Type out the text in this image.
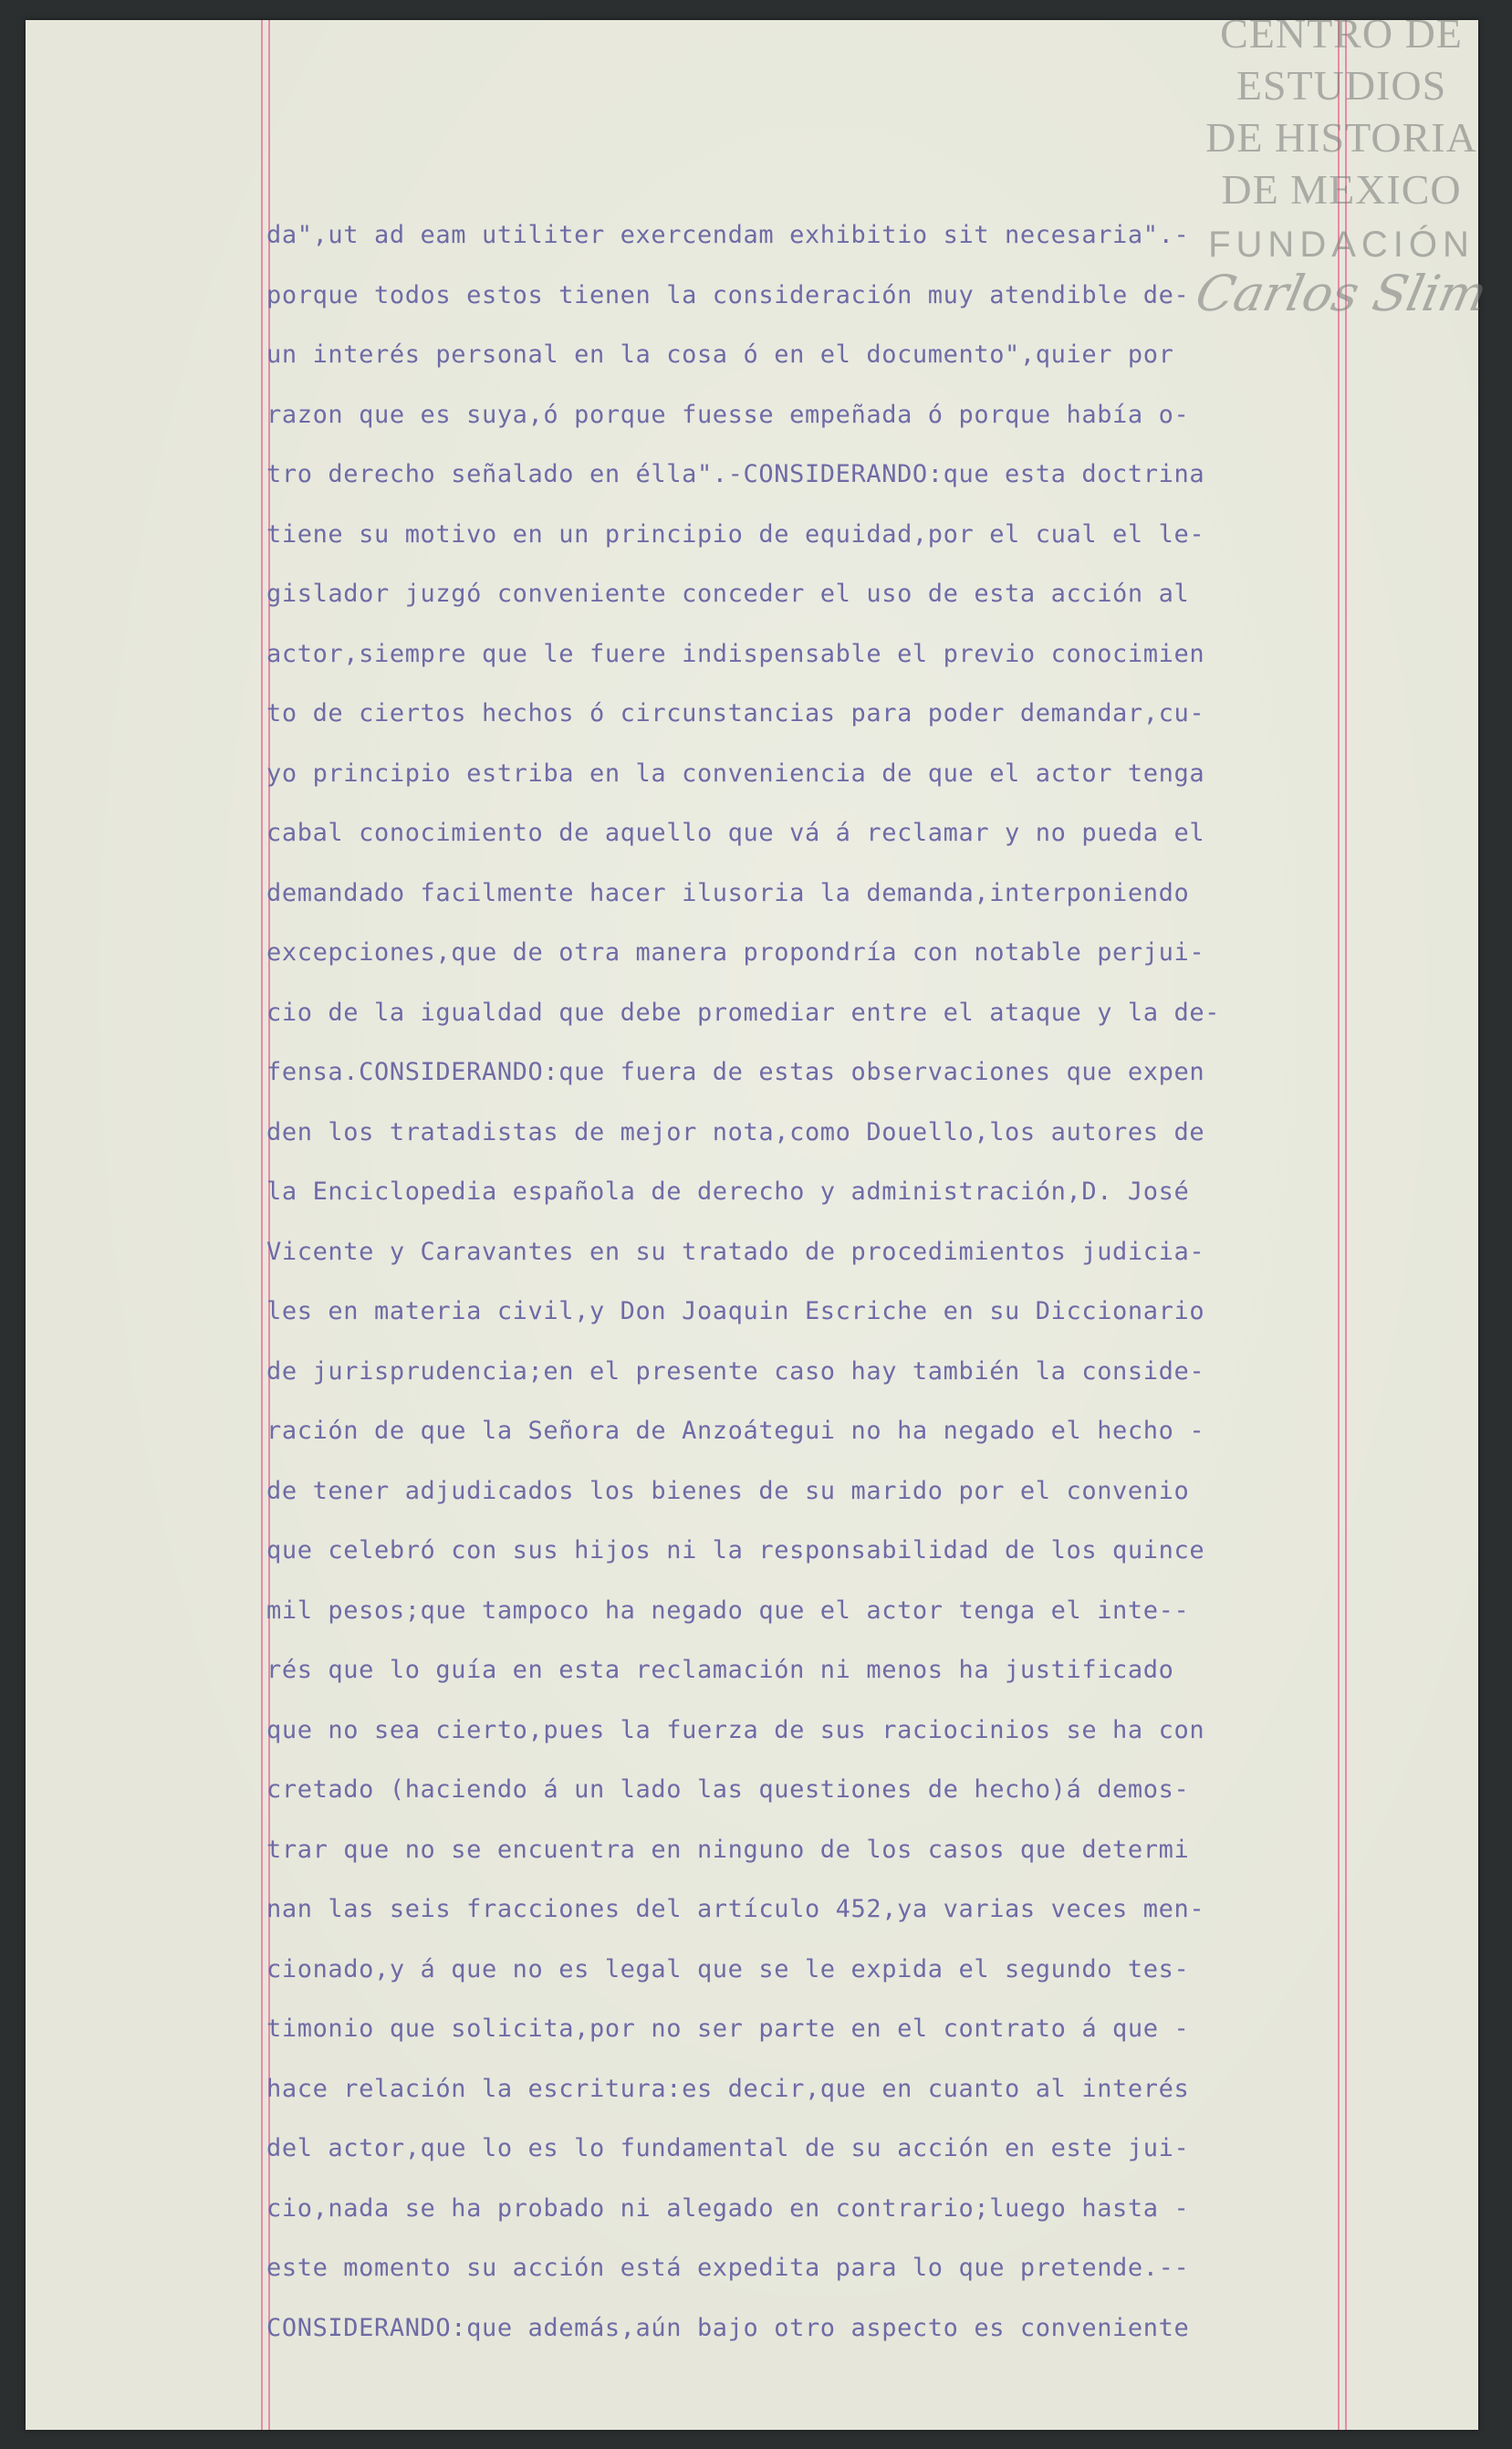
CENTRO DE
ESTUDIOS
DE HISTORIA
DE MEXICO
FUNDACIÓN
Carlos Slim
da",ut ad eam utiliter exercendam exhibitio sit necesaria".-
porque todos estos tienen la consideración muy atendible de-
un interés personal en la cosa ó en el documento",quier por
razon que es suya,ó porque fuesse empeñada ó porque había o-
tro derecho señalado en élla".-CONSIDERANDO:que esta doctrina
tiene su motivo en un principio de equidad,por el cual el le-
gislador juzgó conveniente conceder el uso de esta acción al
actor,siempre que le fuere indispensable el previo conocimien
to de ciertos hechos ó circunstancias para poder demandar,cu-
yo principio estriba en la conveniencia de que el actor tenga
cabal conocimiento de aquello que vá á reclamar y no pueda el
demandado facilmente hacer ilusoria la demanda,interponiendo
excepciones,que de otra manera propondría con notable perjui-
cio de la igualdad que debe promediar entre el ataque y la de-
fensa.CONSIDERANDO:que fuera de estas observaciones que expen
den los tratadistas de mejor nota,como Douello,los autores de
la Enciclopedia española de derecho y administración,D. José
Vicente y Caravantes en su tratado de procedimientos judicia-
les en materia civil,y Don Joaquin Escriche en su Diccionario
de jurisprudencia;en el presente caso hay también la conside-
ración de que la Señora de Anzoátegui no ha negado el hecho -
de tener adjudicados los bienes de su marido por el convenio
que celebró con sus hijos ni la responsabilidad de los quince
mil pesos;que tampoco ha negado que el actor tenga el inte--
rés que lo guía en esta reclamación ni menos ha justificado
que no sea cierto,pues la fuerza de sus raciocinios se ha con
cretado (haciendo á un lado las questiones de hecho)á demos-
trar que no se encuentra en ninguno de los casos que determi
nan las seis fracciones del artículo 452,ya varias veces men-
cionado,y á que no es legal que se le expida el segundo tes-
timonio que solicita,por no ser parte en el contrato á que -
hace relación la escritura:es decir,que en cuanto al interés
del actor,que lo es lo fundamental de su acción en este jui-
cio,nada se ha probado ni alegado en contrario;luego hasta -
este momento su acción está expedita para lo que pretende.--
CONSIDERANDO:que además,aún bajo otro aspecto es conveniente
